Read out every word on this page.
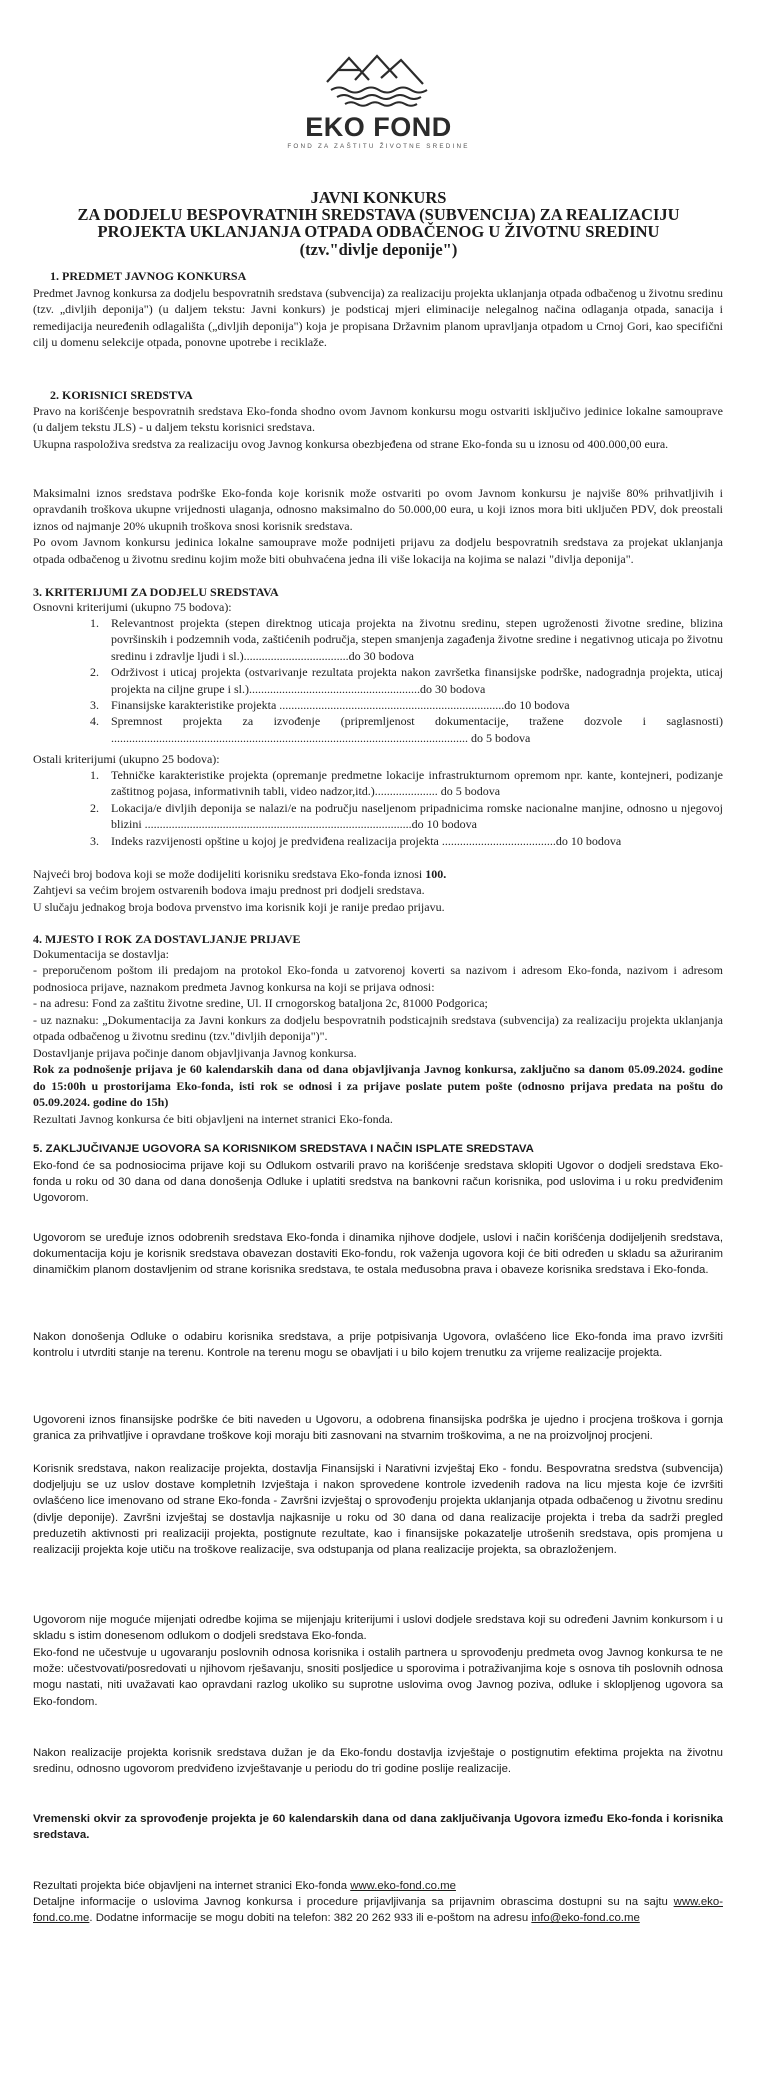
EKO FOND
FOND ZA ZAŠTITU ŽIVOTNE SREDINE
JAVNI KONKURS
ZA DODJELU BESPOVRATNIH SREDSTAVA (SUBVENCIJA) ZA REALIZACIJU
PROJEKTA UKLANJANJA OTPADA ODBAČENOG U ŽIVOTNU SREDINU
(tzv."divlje deponije")
1. PREDMET JAVNOG KONKURSA

Predmet Javnog konkursa za dodjelu bespovratnih sredstava (subvencija) za realizaciju projekta uklanjanja otpada odbačenog u životnu sredinu (tzv. „divljih deponija") (u daljem tekstu: Javni konkurs) je podsticaj mjeri eliminacije nelegalnog načina odlaganja otpada, sanacija i remedijacija neuređenih odlagališta („divljih deponija") koja je propisana Državnim planom upravljanja otpadom u Crnoj Gori, kao specifični cilj u domenu selekcije otpada, ponovne upotrebe i reciklaže.

2. KORISNICI SREDSTVA

Pravo na korišćenje bespovratnih sredstava Eko-fonda shodno ovom Javnom konkursu mogu ostvariti isključivo jedinice lokalne samouprave (u daljem tekstu JLS) - u daljem tekstu korisnici sredstava.

Ukupna raspoloživa sredstva za realizaciju ovog Javnog konkursa obezbjeđena od strane Eko-fonda su u iznosu od 400.000,00 eura.

Maksimalni iznos sredstava podrške Eko-fonda koje korisnik može ostvariti po ovom Javnom konkursu je najviše 80% prihvatljivih i opravdanih troškova ukupne vrijednosti ulaganja, odnosno maksimalno do 50.000,00 eura, u koji iznos mora biti uključen PDV, dok preostali iznos od najmanje 20% ukupnih troškova snosi korisnik sredstava.

Po ovom Javnom konkursu jedinica lokalne samouprave može podnijeti prijavu za dodjelu bespovratnih sredstava za projekat uklanjanja otpada odbačenog u životnu sredinu kojim može biti obuhvaćena jedna ili više lokacija na kojima se nalazi "divlja deponija".

3. KRITERIJUMI ZA DODJELU SREDSTAVA

Osnovni kriterijumi (ukupno 75 bodova):

1. Relevantnost projekta (stepen direktnog uticaja projekta na životnu sredinu, stepen ugroženosti životne sredine, blizina površinskih i podzemnih voda, zaštićenih područja, stepen smanjenja zagađenja životne sredine i negativnog uticaja po životnu sredinu i zdravlje ljudi i sl.)...................................do 30 bodova
2. Održivost i uticaj projekta (ostvarivanje rezultata projekta nakon završetka finansijske podrške, nadogradnja projekta, uticaj projekta na ciljne grupe i sl.).........................................................do 30 bodova
3. Finansijske karakteristike projekta ...........................................................................do 10 bodova
4. Spremnost projekta za izvođenje (pripremljenost dokumentacije, tražene dozvole i saglasnosti) ....................................................................................................................... do 5 bodova

Ostali kriterijumi (ukupno 25 bodova):

1. Tehničke karakteristike projekta (opremanje predmetne lokacije infrastrukturnom opremom npr. kante, kontejneri, podizanje zaštitnog pojasa, informativnih tabli, video nadzor,itd.)..................... do 5 bodova
2. Lokacija/e divljih deponija se nalazi/e na području naseljenom pripadnicima romske nacionalne manjine, odnosno u njegovoj blizini .........................................................................................do 10 bodova
3. Indeks razvijenosti opštine u kojoj je predviđena realizacija projekta ......................................do 10 bodova

Najveći broj bodova koji se može dodijeliti korisniku sredstava Eko-fonda iznosi 100.

Zahtjevi sa većim brojem ostvarenih bodova imaju prednost pri dodjeli sredstava.

U slučaju jednakog broja bodova prvenstvo ima korisnik koji je ranije predao prijavu.

4. MJESTO I ROK ZA DOSTAVLJANJE PRIJAVE

Dokumentacija se dostavlja:

- preporučenom poštom ili predajom na protokol Eko-fonda u zatvorenoj koverti sa nazivom i adresom Eko-fonda, nazivom i adresom podnosioca prijave, naznakom predmeta Javnog konkursa na koji se prijava odnosi:

- na adresu: Fond za zaštitu životne sredine, Ul. II crnogorskog bataljona 2c, 81000 Podgorica;

- uz naznaku: „Dokumentacija za Javni konkurs za dodjelu bespovratnih podsticajnih sredstava (subvencija) za realizaciju projekta uklanjanja otpada odbačenog u životnu sredinu (tzv."divljih deponija")".

Dostavljanje prijava počinje danom objavljivanja Javnog konkursa.

Rok za podnošenje prijava je 60 kalendarskih dana od dana objavljivanja Javnog konkursa, zaključno sa danom 05.09.2024. godine do 15:00h u prostorijama Eko-fonda, isti rok se odnosi i za prijave poslate putem pošte (odnosno prijava predata na poštu do 05.09.2024. godine do 15h)

Rezultati Javnog konkursa će biti objavljeni na internet stranici Eko-fonda.

5. ZAKLJUČIVANJE UGOVORA SA KORISNIKOM SREDSTAVA I NAČIN ISPLATE SREDSTAVA
Eko-fond će sa podnosiocima prijave koji su Odlukom ostvarili pravo na korišćenje sredstava sklopiti Ugovor o dodjeli sredstava Eko-fonda u roku od 30 dana od dana donošenja Odluke i uplatiti sredstva na bankovni račun korisnika, pod uslovima i u roku predviđenim Ugovorom.
Ugovorom se uređuje iznos odobrenih sredstava Eko-fonda i dinamika njihove dodjele, uslovi i način korišćenja dodijeljenih sredstava, dokumentacija koju je korisnik sredstava obavezan dostaviti Eko-fondu, rok važenja ugovora koji će biti određen u skladu sa ažuriranim dinamičkim planom dostavljenim od strane korisnika sredstava, te ostala međusobna prava i obaveze korisnika sredstava i Eko-fonda.
Nakon donošenja Odluke o odabiru korisnika sredstava, a prije potpisivanja Ugovora, ovlašćeno lice Eko-fonda ima pravo izvršiti kontrolu i utvrditi stanje na terenu. Kontrole na terenu mogu se obavljati i u bilo kojem trenutku za vrijeme realizacije projekta.
Ugovoreni iznos finansijske podrške će biti naveden u Ugovoru, a odobrena finansijska podrška je ujedno i procjena troškova i gornja granica za prihvatljive i opravdane troškove koji moraju biti zasnovani na stvarnim troškovima, a ne na proizvoljnoj procjeni.
Korisnik sredstava, nakon realizacije projekta, dostavlja Finansijski i Narativni izvještaj Eko - fondu. Bespovratna sredstva (subvencija) dodjeljuju se uz uslov dostave kompletnih Izvještaja i nakon sprovedene kontrole izvedenih radova na licu mjesta koje će izvršiti ovlašćeno lice imenovano od strane Eko-fonda - Završni izvještaj o sprovođenju projekta uklanjanja otpada odbačenog u životnu sredinu (divlje deponije). Završni izvještaj se dostavlja najkasnije u roku od 30 dana od dana realizacije projekta i treba da sadrži pregled preduzetih aktivnosti pri realizaciji projekta, postignute rezultate, kao i finansijske pokazatelje utrošenih sredstava, opis promjena u realizaciji projekta koje utiču na troškove realizacije, sva odstupanja od plana realizacije projekta, sa obrazloženjem.
Ugovorom nije moguće mijenjati odredbe kojima se mijenjaju kriterijumi i uslovi dodjele sredstava koji su određeni Javnim konkursom i u skladu s istim donesenom odlukom o dodjeli sredstava Eko-fonda.
Eko-fond ne učestvuje u ugovaranju poslovnih odnosa korisnika i ostalih partnera u sprovođenju predmeta ovog Javnog konkursa te ne može: učestvovati/posredovati u njihovom rješavanju, snositi posljedice u sporovima i potraživanjima koje s osnova tih poslovnih odnosa mogu nastati, niti uvažavati kao opravdani razlog ukoliko su suprotne uslovima ovog Javnog poziva, odluke i sklopljenog ugovora sa Eko-fondom.
Nakon realizacije projekta korisnik sredstava dužan je da Eko-fondu dostavlja izvještaje o postignutim efektima projekta na životnu sredinu, odnosno ugovorom predviđeno izvještavanje u periodu do tri godine poslije realizacije.
Vremenski okvir za sprovođenje projekta je 60 kalendarskih dana od dana zaključivanja Ugovora između Eko-fonda i korisnika sredstava.
Rezultati projekta biće objavljeni na internet stranici Eko-fonda www.eko-fond.co.me
Detaljne informacije o uslovima Javnog konkursa i procedure prijavljivanja sa prijavnim obrascima dostupni su na sajtu www.eko-fond.co.me. Dodatne informacije se mogu dobiti na telefon: 382 20 262 933 ili e-poštom na adresu info@eko-fond.co.me
